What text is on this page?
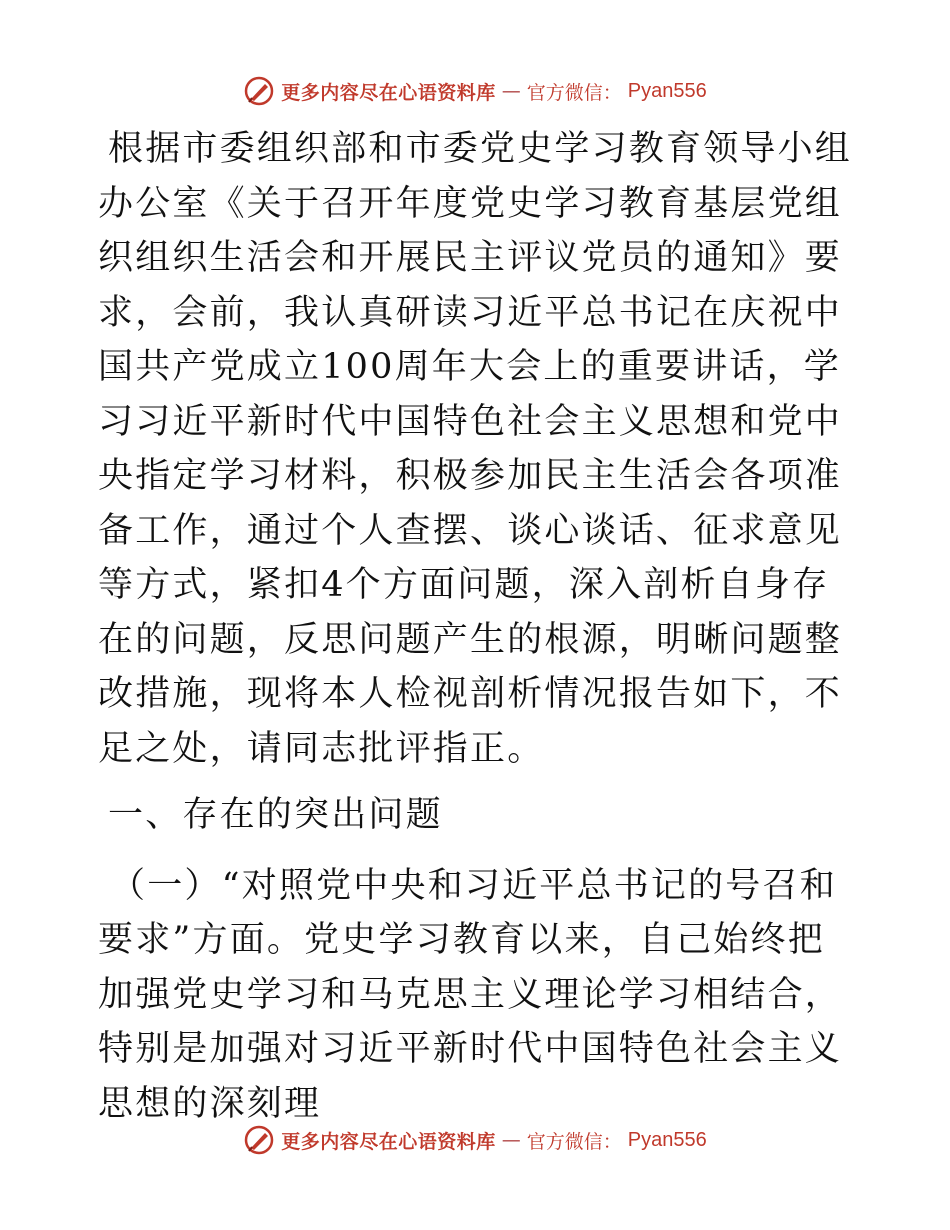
更多内容尽在心语资料库 — 官方微信： Pyan556

根据市委组织部和市委党史学习教育领导小组办公室《关于召开年度党史学习教育基层党组织组织生活会和开展民主评议党员的通知》要求，会前，我认真研读习近平总书记在庆祝中国共产党成立100周年大会上的重要讲话，学习习近平新时代中国特色社会主义思想和党中央指定学习材料，积极参加民主生活会各项准备工作，通过个人查摆、谈心谈话、征求意见等方式，紧扣4个方面问题，深入剖析自身存在的问题，反思问题产生的根源，明晰问题整改措施，现将本人检视剖析情况报告如下，不足之处，请同志批评指正。

一、存在的突出问题

（一）“对照党中央和习近平总书记的号召和要求”方面。党史学习教育以来，自己始终把加强党史学习和马克思主义理论学习相结合，特别是加强对习近平新时代中国特色社会主义思想的深刻理

更多内容尽在心语资料库 — 官方微信： Pyan556
